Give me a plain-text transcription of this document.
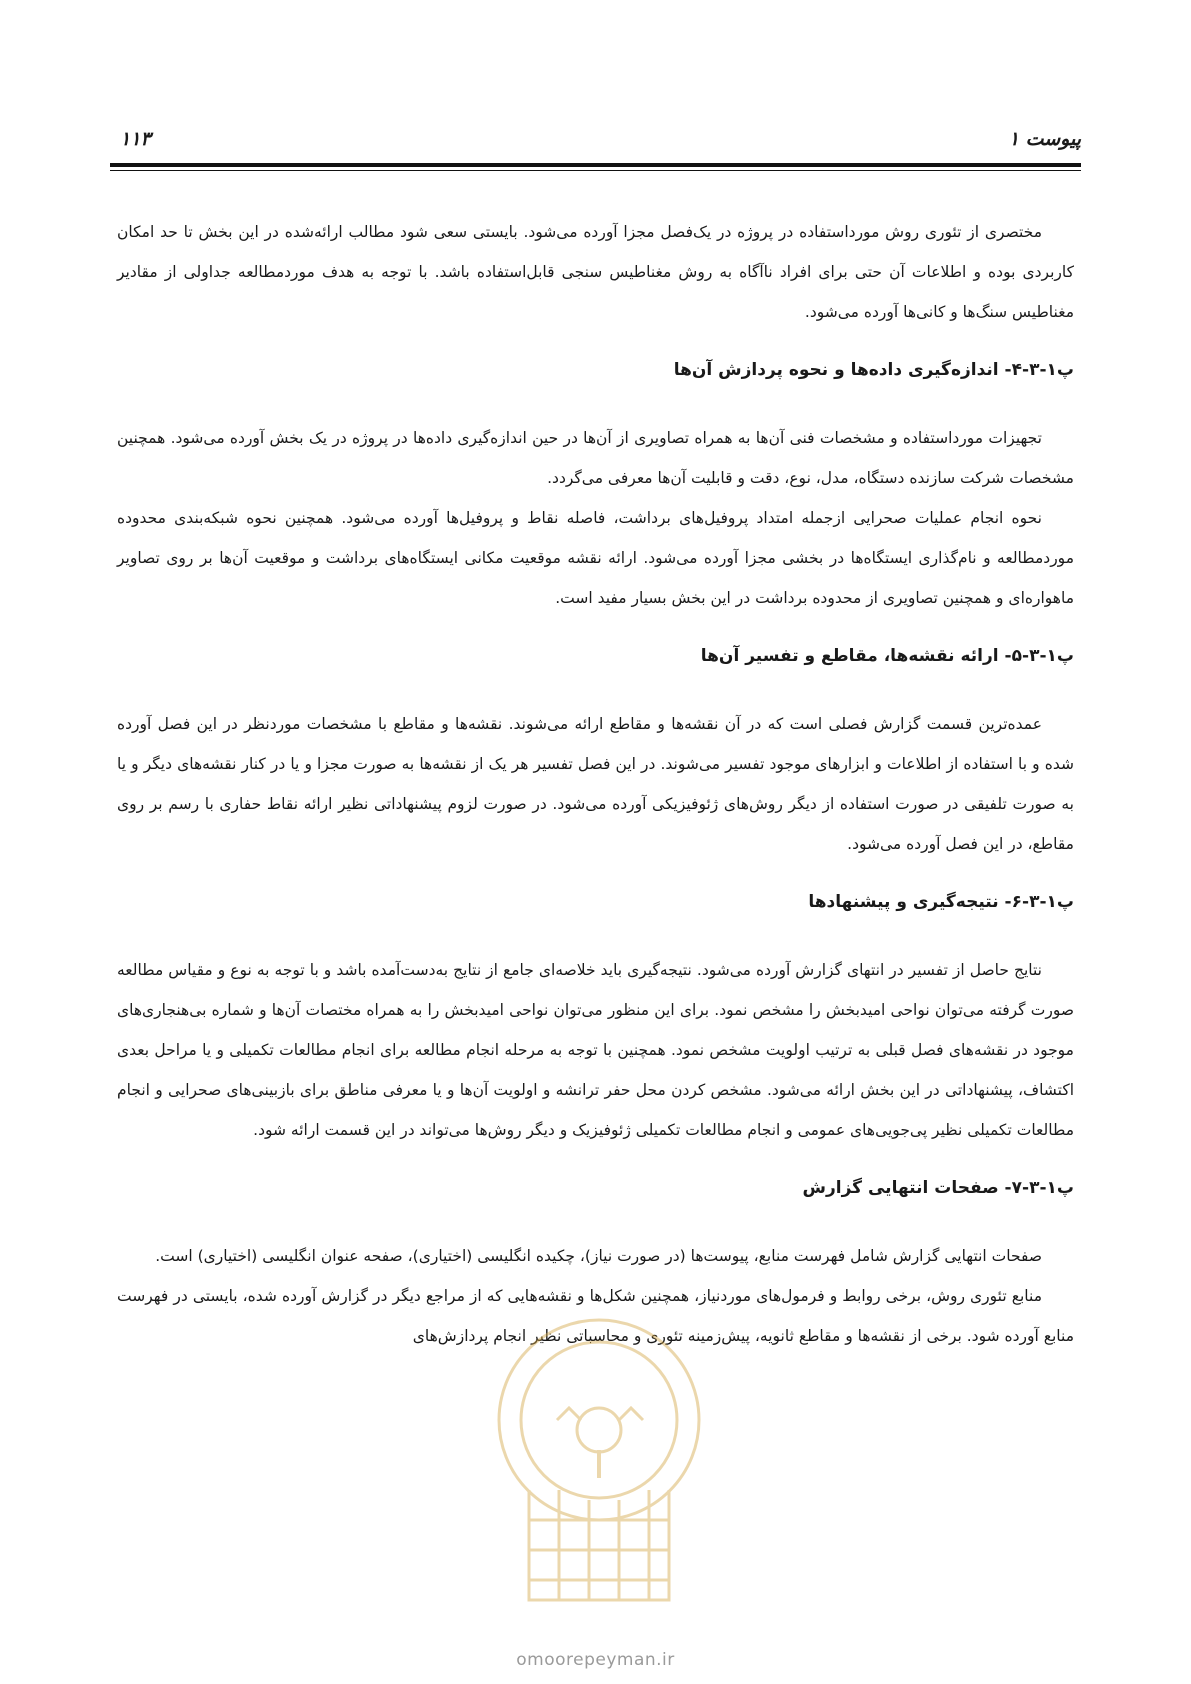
پیوست ۱
۱۱۳

مختصری از تئوری روش مورداستفاده در پروژه در یک‌فصل مجزا آورده می‌شود. بایستی سعی شود مطالب ارائه‌شده در این بخش تا حد امکان کاربردی بوده و اطلاعات آن حتی برای افراد ناآگاه به روش مغناطیس سنجی قابل‌استفاده باشد. با توجه به هدف موردمطالعه جداولی از مقادیر مغناطیس سنگ‌ها و کانی‌ها آورده می‌شود.

پ۱-۳-۴- اندازه‌گیری داده‌ها و نحوه پردازش آن‌ها

تجهیزات مورداستفاده و مشخصات فنی آن‌ها به همراه تصاویری از آن‌ها در حین اندازه‌گیری داده‌ها در پروژه در یک بخش آورده می‌شود. همچنین مشخصات شرکت سازنده دستگاه، مدل، نوع، دقت و قابلیت آن‌ها معرفی می‌گردد.

نحوه انجام عملیات صحرایی ازجمله امتداد پروفیل‌های برداشت، فاصله نقاط و پروفیل‌ها آورده می‌شود. همچنین نحوه شبکه‌بندی محدوده موردمطالعه و نام‌گذاری ایستگاه‌ها در بخشی مجزا آورده می‌شود. ارائه نقشه موقعیت مکانی ایستگاه‌های برداشت و موقعیت آن‌ها بر روی تصاویر ماهواره‌ای و همچنین تصاویری از محدوده برداشت در این بخش بسیار مفید است.

پ۱-۳-۵- ارائه نقشه‌ها، مقاطع و تفسیر آن‌ها

عمده‌ترین قسمت گزارش فصلی است که در آن نقشه‌ها و مقاطع ارائه می‌شوند. نقشه‌ها و مقاطع با مشخصات موردنظر در این فصل آورده شده و با استفاده از اطلاعات و ابزارهای موجود تفسیر می‌شوند. در این فصل تفسیر هر یک از نقشه‌ها به صورت مجزا و یا در کنار نقشه‌های دیگر و یا به صورت تلفیقی در صورت استفاده از دیگر روش‌های ژئوفیزیکی آورده می‌شود. در صورت لزوم پیشنهاداتی نظیر ارائه نقاط حفاری با رسم بر روی مقاطع، در این فصل آورده می‌شود.

پ۱-۳-۶- نتیجه‌گیری و پیشنهادها

نتایج حاصل از تفسیر در انتهای گزارش آورده می‌شود. نتیجه‌گیری باید خلاصه‌ای جامع از نتایج به‌دست‌آمده باشد و با توجه به نوع و مقیاس مطالعه صورت گرفته می‌توان نواحی امیدبخش را مشخص نمود. برای این منظور می‌توان نواحی امیدبخش را به همراه مختصات آن‌ها و شماره بی‌هنجاری‌های موجود در نقشه‌های فصل قبلی به ترتیب اولویت مشخص نمود. همچنین با توجه به مرحله انجام مطالعه برای انجام مطالعات تکمیلی و یا مراحل بعدی اکتشاف، پیشنهاداتی در این بخش ارائه می‌شود. مشخص کردن محل حفر ترانشه و اولویت آن‌ها و یا معرفی مناطق برای بازبینی‌های صحرایی و انجام مطالعات تکمیلی نظیر پی‌جویی‌های عمومی و انجام مطالعات تکمیلی ژئوفیزیک و دیگر روش‌ها می‌تواند در این قسمت ارائه شود.

پ۱-۳-۷- صفحات انتهایی گزارش

صفحات انتهایی گزارش شامل فهرست منابع، پیوست‌ها (در صورت نیاز)، چکیده انگلیسی (اختیاری)، صفحه عنوان انگلیسی (اختیاری) است.

منابع تئوری روش، برخی روابط و فرمول‌های موردنیاز، همچنین شکل‌ها و نقشه‌هایی که از مراجع دیگر در گزارش آورده شده، بایستی در فهرست منابع آورده شود. برخی از نقشه‌ها و مقاطع ثانویه، پیش‌زمینه تئوری و محاسباتی نظیر انجام پردازش‌های

omoorepeyman.ir
